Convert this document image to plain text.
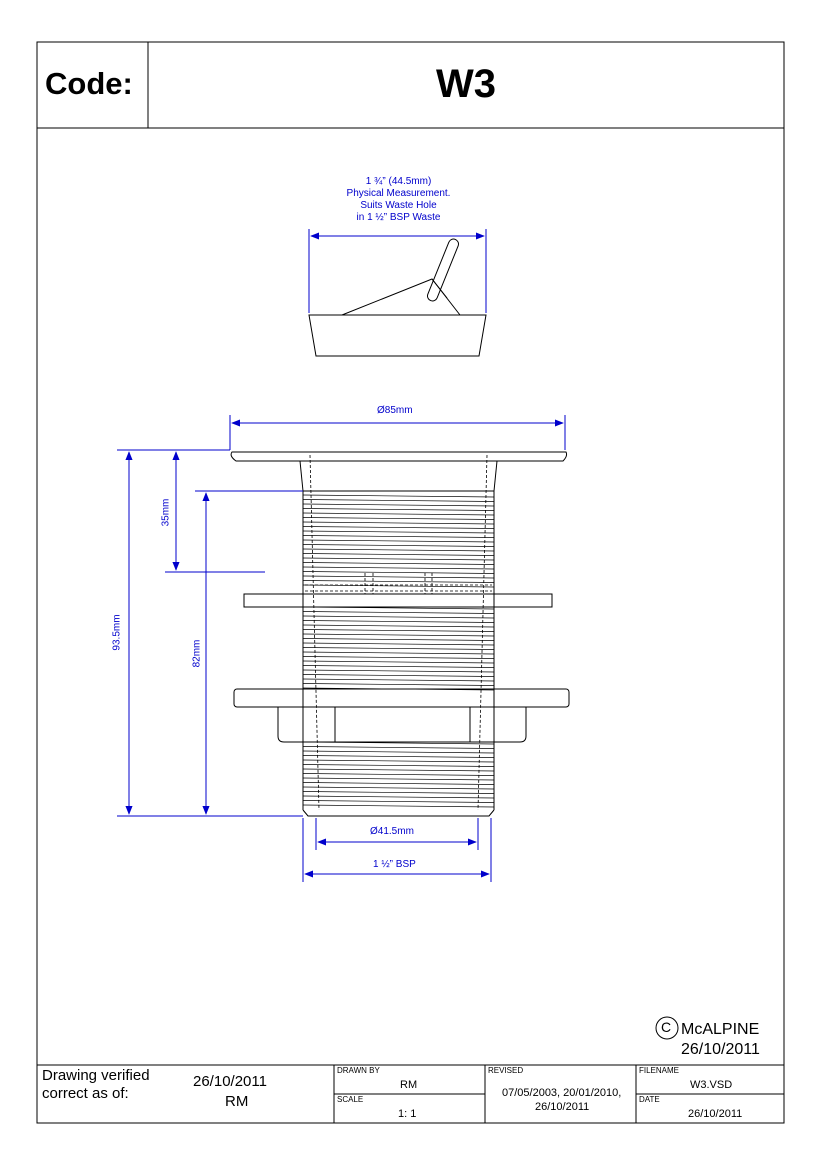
Code:	W3
1 ¾” (44.5mm)
Physical Measurement.
Suits Waste Hole
in 1 ½” BSP Waste
Ø85mm
93.5mm
35mm
82mm
Ø41.5mm
1 ½” BSP
C McALPINE
26/10/2011
Drawing verified
correct as of:
26/10/2011
RM
DRAWN BY
RM
SCALE
1: 1
REVISED
07/05/2003, 20/01/2010,
26/10/2011
FILENAME
W3.VSD
DATE
26/10/2011
